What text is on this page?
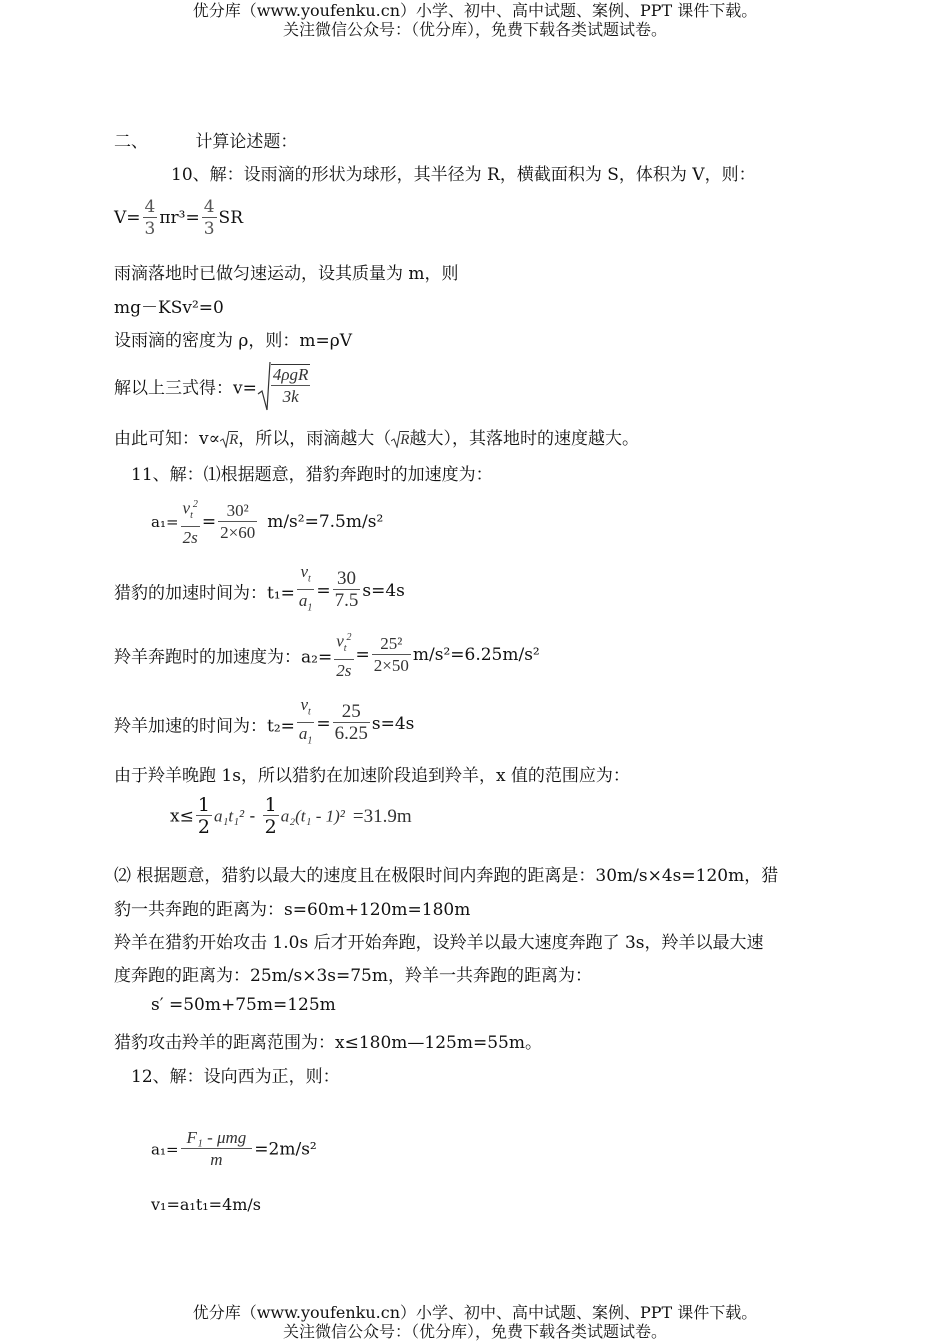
优分库（www.youfenku.cn）小学、初中、高中试题、案例、PPT 课件下载。
关注微信公众号：（优分库），免费下载各类试题试卷。
二、	计算论述题：
10、解：设雨滴的形状为球形，其半径为 R，横截面积为 S，体积为 V，则：
$V= \frac{4}{3} \pi r^3= \frac{4}{3}$ SR
雨滴落地时已做匀速运动，设其质量为 m，则
mg－KSv²=0
设雨滴的密度为 ρ，则：m=ρV
解以上三式得：$v= \frac{\text{4ρgR}}{3k}$
由此可知：v∝ R，所以，雨滴越大（ R越大），其落地时的速度越大。
11、解：⑴根据题意，猎豹奔跑时的加速度为：
$a_1= \frac{v_t^2}{2s} = \frac{\text{30²}}{2\times 60} m/s^2=7.5m/s^2$
猎豹的加速时间为：$t_1= \frac{v_t}{a_1} = \frac{30}{7.5} s=4s$
羚羊奔跑时的加速度为：$a_2= \frac{v_t^2}{2s} = \frac{\text{25²}}{2\times 50} m/s^2=6.25m/s^2$
羚羊加速的时间为：$t_2= \frac{v_t}{a_1} = \frac{25}{6.25} s=4s$
由于羚羊晚跑 1s，所以猎豹在加速阶段追到羚羊，x 值的范围应为：
$x\le \frac{1}{2} a_1t_1^2 - \frac{1}{2} a_2(t_1 - 1)^2 =31.9m$
⑵ 根据题意，猎豹以最大的速度且在极限时间内奔跑的距离是：30m/s×4s=120m，猎
豹一共奔跑的距离为：s=60m+120m=180m
羚羊在猎豹开始攻击 1.0s 后才开始奔跑，设羚羊以最大速度奔跑了 3s，羚羊以最大速
度奔跑的距离为：25m/s×3s=75m，羚羊一共奔跑的距离为：
s′ =50m+75m=125m
猎豹攻击羚羊的距离范围为：x≤180m—125m=55m。
12、解：设向西为正，则：
$a_1= \frac{\text{F₁ - μmg}}{m} =2m/s^2$
v₁=a₁t₁=4m/s
优分库（www.youfenku.cn）小学、初中、高中试题、案例、PPT 课件下载。
关注微信公众号：（优分库），免费下载各类试题试卷。
